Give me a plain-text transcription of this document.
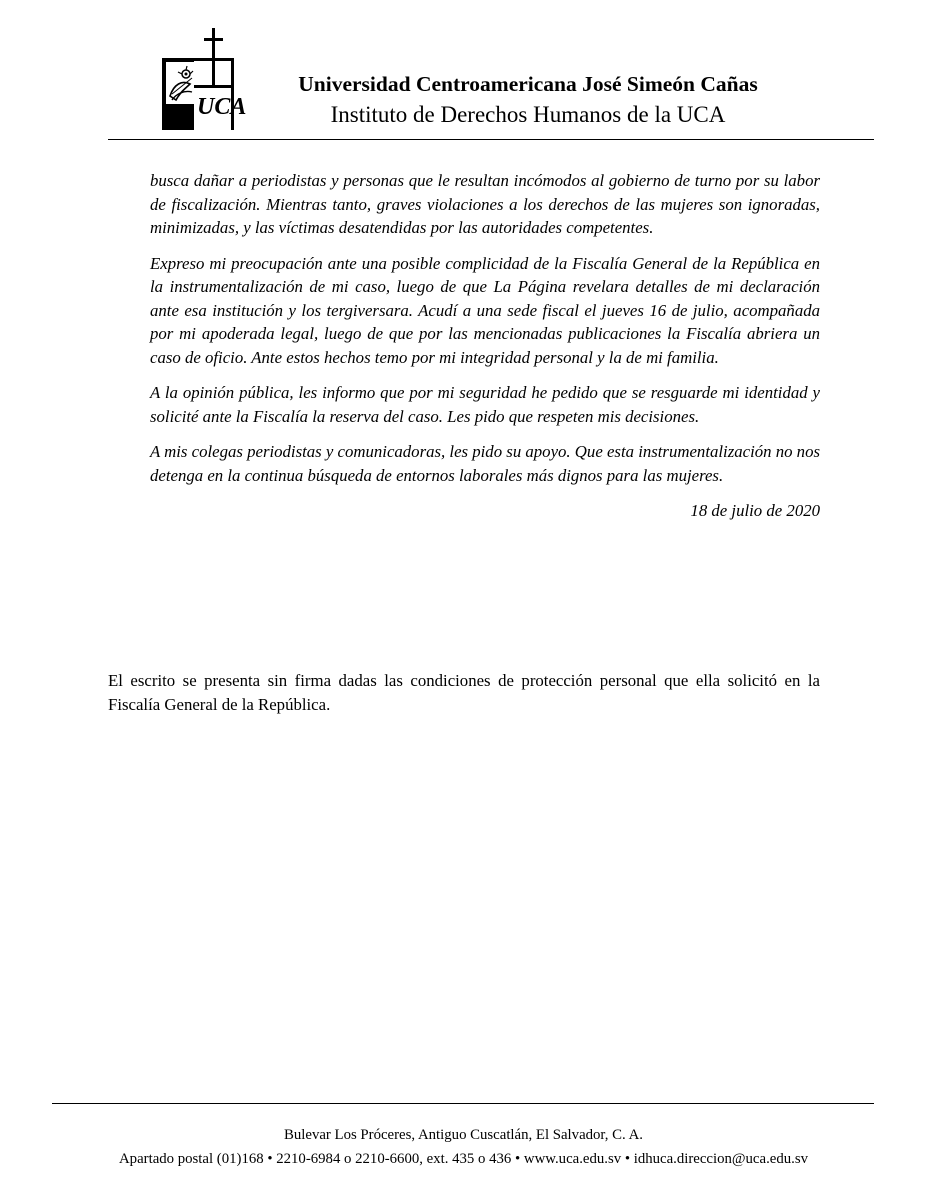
UCA
Universidad Centroamericana José Simeón Cañas
Instituto de Derechos Humanos de la UCA

busca dañar a periodistas y personas que le resultan incómodos al gobierno de turno por su labor de fiscalización. Mientras tanto, graves violaciones a los derechos de las mujeres son ignoradas, minimizadas, y las víctimas desatendidas por las autoridades competentes.

Expreso mi preocupación ante una posible complicidad de la Fiscalía General de la República en la instrumentalización de mi caso, luego de que La Página revelara detalles de mi declaración ante esa institución y los tergiversara. Acudí a una sede fiscal el jueves 16 de julio, acompañada por mi apoderada legal, luego de que por las mencionadas publicaciones la Fiscalía abriera un caso de oficio. Ante estos hechos temo por mi integridad personal y la de mi familia.

A la opinión pública, les informo que por mi seguridad he pedido que se resguarde mi identidad y solicité ante la Fiscalía la reserva del caso. Les pido que respeten mis decisiones.

A mis colegas periodistas y comunicadoras, les pido su apoyo. Que esta instrumentalización no nos detenga en la continua búsqueda de entornos laborales más dignos para las mujeres.

18 de julio de 2020

El escrito se presenta sin firma dadas las condiciones de protección personal que ella solicitó en la Fiscalía General de la República.

Bulevar Los Próceres, Antiguo Cuscatlán, El Salvador, C. A.
Apartado postal (01)168 • 2210-6984 o 2210-6600, ext. 435 o 436 • www.uca.edu.sv • idhuca.direccion@uca.edu.sv
